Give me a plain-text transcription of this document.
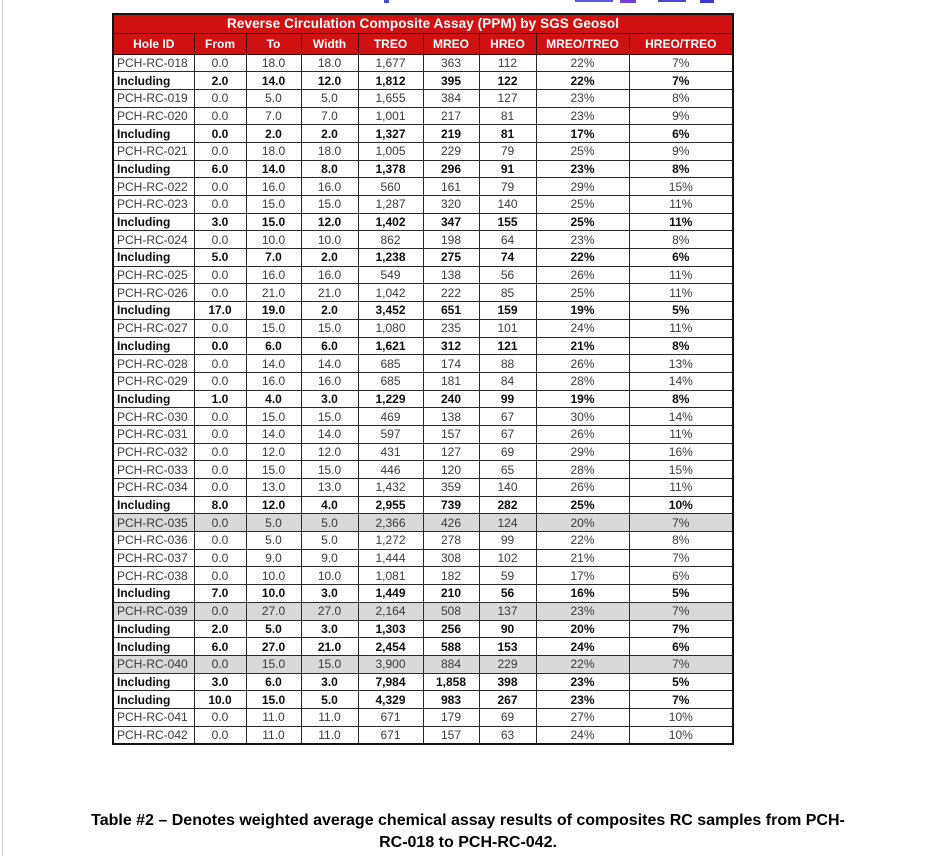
Reverse Circulation Composite Assay (PPM) by SGS Geosol								
Hole ID	From	To	Width	TREO	MREO	HREO	MREO/TREO	HREO/TREO
PCH-RC-018	0.0	18.0	18.0	1,677	363	112	22%	7%
Including	2.0	14.0	12.0	1,812	395	122	22%	7%
PCH-RC-019	0.0	5.0	5.0	1,655	384	127	23%	8%
PCH-RC-020	0.0	7.0	7.0	1,001	217	81	23%	9%
Including	0.0	2.0	2.0	1,327	219	81	17%	6%
PCH-RC-021	0.0	18.0	18.0	1,005	229	79	25%	9%
Including	6.0	14.0	8.0	1,378	296	91	23%	8%
PCH-RC-022	0.0	16.0	16.0	560	161	79	29%	15%
PCH-RC-023	0.0	15.0	15.0	1,287	320	140	25%	11%
Including	3.0	15.0	12.0	1,402	347	155	25%	11%
PCH-RC-024	0.0	10.0	10.0	862	198	64	23%	8%
Including	5.0	7.0	2.0	1,238	275	74	22%	6%
PCH-RC-025	0.0	16.0	16.0	549	138	56	26%	11%
PCH-RC-026	0.0	21.0	21.0	1,042	222	85	25%	11%
Including	17.0	19.0	2.0	3,452	651	159	19%	5%
PCH-RC-027	0.0	15.0	15.0	1,080	235	101	24%	11%
Including	0.0	6.0	6.0	1,621	312	121	21%	8%
PCH-RC-028	0.0	14.0	14.0	685	174	88	26%	13%
PCH-RC-029	0.0	16.0	16.0	685	181	84	28%	14%
Including	1.0	4.0	3.0	1,229	240	99	19%	8%
PCH-RC-030	0.0	15.0	15.0	469	138	67	30%	14%
PCH-RC-031	0.0	14.0	14.0	597	157	67	26%	11%
PCH-RC-032	0.0	12.0	12.0	431	127	69	29%	16%
PCH-RC-033	0.0	15.0	15.0	446	120	65	28%	15%
PCH-RC-034	0.0	13.0	13.0	1,432	359	140	26%	11%
Including	8.0	12.0	4.0	2,955	739	282	25%	10%
PCH-RC-035	0.0	5.0	5.0	2,366	426	124	20%	7%
PCH-RC-036	0.0	5.0	5.0	1,272	278	99	22%	8%
PCH-RC-037	0.0	9.0	9.0	1,444	308	102	21%	7%
PCH-RC-038	0.0	10.0	10.0	1,081	182	59	17%	6%
Including	7.0	10.0	3.0	1,449	210	56	16%	5%
PCH-RC-039	0.0	27.0	27.0	2,164	508	137	23%	7%
Including	2.0	5.0	3.0	1,303	256	90	20%	7%
Including	6.0	27.0	21.0	2,454	588	153	24%	6%
PCH-RC-040	0.0	15.0	15.0	3,900	884	229	22%	7%
Including	3.0	6.0	3.0	7,984	1,858	398	23%	5%
Including	10.0	15.0	5.0	4,329	983	267	23%	7%
PCH-RC-041	0.0	11.0	11.0	671	179	69	27%	10%
PCH-RC-042	0.0	11.0	11.0	671	157	63	24%	10%
Table #2 – Denotes weighted average chemical assay results of composites RC samples from PCH-
RC-018 to PCH-RC-042.
